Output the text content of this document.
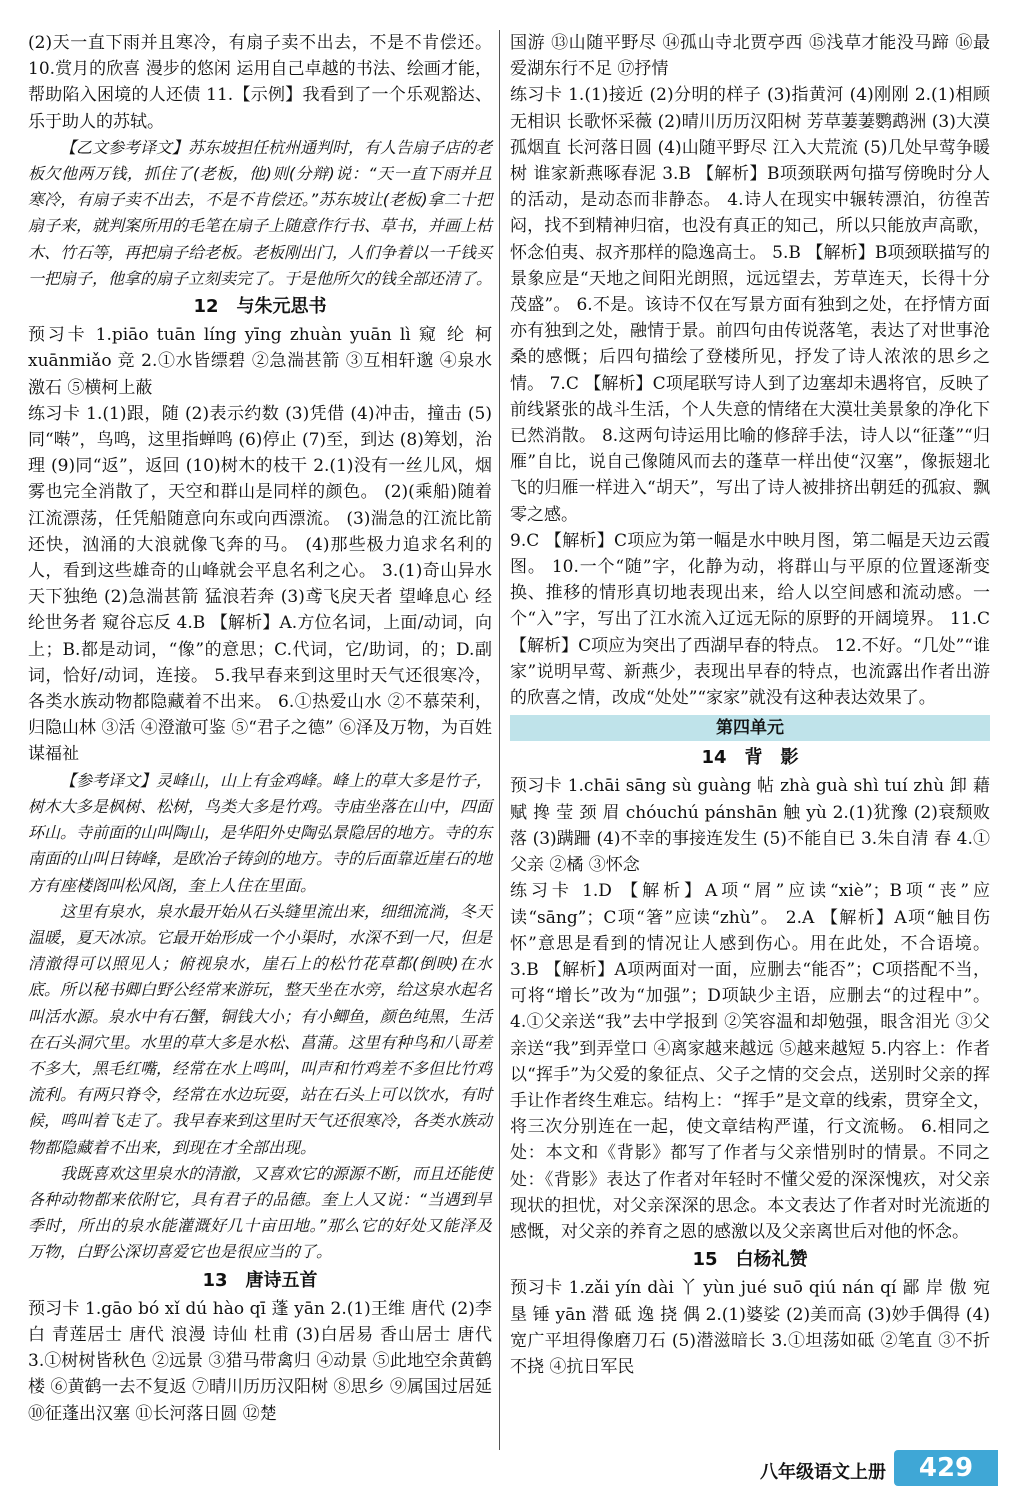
(2)天一直下雨并且寒冷，有扇子卖不出去，不是不肯偿还。 10.赏月的欣喜 漫步的悠闲 运用自己卓越的书法、绘画才能，帮助陷入困境的人还债 11.【示例】我看到了一个乐观豁达、乐于助人的苏轼。

【乙文参考译文】苏东坡担任杭州通判时，有人告扇子店的老板欠他两万钱，抓住了(老板，他)则(分辩)说：“天一直下雨并且寒冷，有扇子卖不出去，不是不肯偿还。”苏东坡让(老板)拿二十把扇子来，就判案所用的毛笔在扇子上随意作行书、草书，并画上枯木、竹石等，再把扇子给老板。老板刚出门，人们争着以一千钱买一把扇子，他拿的扇子立刻卖完了。于是他所欠的钱全部还清了。

12　与朱元思书

预习卡 1.piāo tuān líng yīng zhuàn yuān lì 窥 纶 柯 xuānmiǎo 竞 2.①水皆缥碧 ②急湍甚箭 ③互相轩邈 ④泉水激石 ⑤横柯上蔽

练习卡 1.(1)跟，随 (2)表示约数 (3)凭借 (4)冲击，撞击 (5)同“啭”，鸟鸣，这里指蝉鸣 (6)停止 (7)至，到达 (8)筹划，治理 (9)同“返”，返回 (10)树木的枝干 2.(1)没有一丝儿风，烟雾也完全消散了，天空和群山是同样的颜色。 (2)(乘船)随着江流漂荡，任凭船随意向东或向西漂流。 (3)湍急的江流比箭还快，汹涌的大浪就像飞奔的马。 (4)那些极力追求名利的人，看到这些雄奇的山峰就会平息名利之心。 3.(1)奇山异水 天下独绝 (2)急湍甚箭 猛浪若奔 (3)鸢飞戾天者 望峰息心 经纶世务者 窥谷忘反 4.B 【解析】A.方位名词，上面/动词，向上；B.都是动词，“像”的意思；C.代词，它/助词，的；D.副词，恰好/动词，连接。 5.我早春来到这里时天气还很寒冷，各类水族动物都隐藏着不出来。 6.①热爱山水 ②不慕荣利，归隐山林 ③活 ④澄澈可鉴 ⑤“君子之德” ⑥泽及万物，为百姓谋福祉

【参考译文】灵峰山，山上有金鸡峰。峰上的草大多是竹子，树木大多是枫树、松树，鸟类大多是竹鸡。寺庙坐落在山中，四面环山。寺前面的山叫陶山，是华阳外史陶弘景隐居的地方。寺的东南面的山叫日铸峰，是欧冶子铸剑的地方。寺的后面靠近崖石的地方有座楼阁叫松风阁，奎上人住在里面。

这里有泉水，泉水最开始从石头缝里流出来，细细流淌，冬天温暖，夏天冰凉。它最开始形成一个小渠时，水深不到一尺，但是清澈得可以照见人；俯视泉水，崖石上的松竹花草都(倒映)在水底。所以秘书卿白野公经常来游玩，整天坐在水旁，给这泉水起名叫活水源。泉水中有石蟹，铜钱大小；有小鲫鱼，颜色纯黑，生活在石头洞穴里。水里的草大多是水松、菖蒲。这里有种鸟和八哥差不多大，黑毛红嘴，经常在水上鸣叫，叫声和竹鸡差不多但比竹鸡流利。有两只脊令，经常在水边玩耍，站在石头上可以饮水，有时候，鸣叫着飞走了。我早春来到这里时天气还很寒冷，各类水族动物都隐藏着不出来，到现在才全部出现。

我既喜欢这里泉水的清澈，又喜欢它的源源不断，而且还能使各种动物都来依附它，具有君子的品德。奎上人又说：“当遇到旱季时，所出的泉水能灌溉好几十亩田地。”那么它的好处又能泽及万物，白野公深切喜爱它也是很应当的了。

13　唐诗五首

预习卡 1.gāo bó xǐ dú hào qī 蓬 yān 2.(1)王维 唐代 (2)李白 青莲居士 唐代 浪漫 诗仙 杜甫 (3)白居易 香山居士 唐代 3.①树树皆秋色 ②远景 ③猎马带禽归 ④动景 ⑤此地空余黄鹤楼 ⑥黄鹤一去不复返 ⑦晴川历历汉阳树 ⑧思乡 ⑨属国过居延 ⑩征蓬出汉塞 ⑪长河落日圆 ⑫楚

国游 ⑬山随平野尽 ⑭孤山寺北贾亭西 ⑮浅草才能没马蹄 ⑯最爱湖东行不足 ⑰抒情

练习卡 1.(1)接近 (2)分明的样子 (3)指黄河 (4)刚刚 2.(1)相顾无相识 长歌怀采薇 (2)晴川历历汉阳树 芳草萋萋鹦鹉洲 (3)大漠孤烟直 长河落日圆 (4)山随平野尽 江入大荒流 (5)几处早莺争暖树 谁家新燕啄春泥 3.B 【解析】B项颈联两句描写傍晚时分人的活动，是动态而非静态。 4.诗人在现实中辗转漂泊，彷徨苦闷，找不到精神归宿，也没有真正的知己，所以只能放声高歌，怀念伯夷、叔齐那样的隐逸高士。 5.B 【解析】B项颈联描写的景象应是“天地之间阳光朗照，远远望去，芳草连天，长得十分茂盛”。 6.不是。该诗不仅在写景方面有独到之处，在抒情方面亦有独到之处，融情于景。前四句由传说落笔，表达了对世事沧桑的感慨；后四句描绘了登楼所见，抒发了诗人浓浓的思乡之情。 7.C 【解析】C项尾联写诗人到了边塞却未遇将官，反映了前线紧张的战斗生活，个人失意的情绪在大漠壮美景象的净化下已然消散。 8.这两句诗运用比喻的修辞手法，诗人以“征蓬”“归雁”自比，说自己像随风而去的蓬草一样出使“汉塞”，像振翅北飞的归雁一样进入“胡天”，写出了诗人被排挤出朝廷的孤寂、飘零之感。

9.C 【解析】C项应为第一幅是水中映月图，第二幅是天边云霞图。 10.一个“随”字，化静为动，将群山与平原的位置逐渐变换、推移的情形真切地表现出来，给人以空间感和流动感。一个“入”字，写出了江水流入辽远无际的原野的开阔境界。 11.C 【解析】C项应为突出了西湖早春的特点。 12.不好。“几处”“谁家”说明早莺、新燕少，表现出早春的特点，也流露出作者出游的欣喜之情，改成“处处”“家家”就没有这种表达效果了。

第四单元
14　背　影

预习卡 1.chāi sāng sù guàng 帖 zhà guà shì tuí zhù 卸 藉 赋 搀 莹 颈 眉 chóuchú pánshān 触 yù 2.(1)犹豫 (2)衰颓败落 (3)蹒跚 (4)不幸的事接连发生 (5)不能自已 3.朱自清 春 4.①父亲 ②橘 ③怀念

练习卡 1.D 【解析】A项“屑”应读“xiè”；B项“丧”应读“sāng”；C项“箸”应读“zhù”。 2.A 【解析】A项“触目伤怀”意思是看到的情况让人感到伤心。用在此处，不合语境。 3.B 【解析】A项两面对一面，应删去“能否”；C项搭配不当，可将“增长”改为“加强”；D项缺少主语，应删去“的过程中”。 4.①父亲送“我”去中学报到 ②笑容温和却勉强，眼含泪光 ③父亲送“我”到弄堂口 ④离家越来越远 ⑤越来越短 5.内容上：作者以“挥手”为父爱的象征点、父子之情的交会点，送别时父亲的挥手让作者终生难忘。结构上：“挥手”是文章的线索，贯穿全文，将三次分别连在一起，使文章结构严谨，行文流畅。 6.相同之处：本文和《背影》都写了作者与父亲惜别时的情景。不同之处：《背影》表达了作者对年轻时不懂父爱的深深愧疚，对父亲现状的担忧，对父亲深深的思念。本文表达了作者对时光流逝的感慨，对父亲的养育之恩的感激以及父亲离世后对他的怀念。

15　白杨礼赞

预习卡 1.zǎi yín dài 丫 yùn jué suō qiú nán qí 鄙 岸 傲 宛 垦 锤 yān 潜 砥 逸 挠 偶 2.(1)婆娑 (2)美而高 (3)妙手偶得 (4)宽广平坦得像磨刀石 (5)潜滋暗长 3.①坦荡如砥 ②笔直 ③不折不挠 ④抗日军民

八年级语文上册	429
